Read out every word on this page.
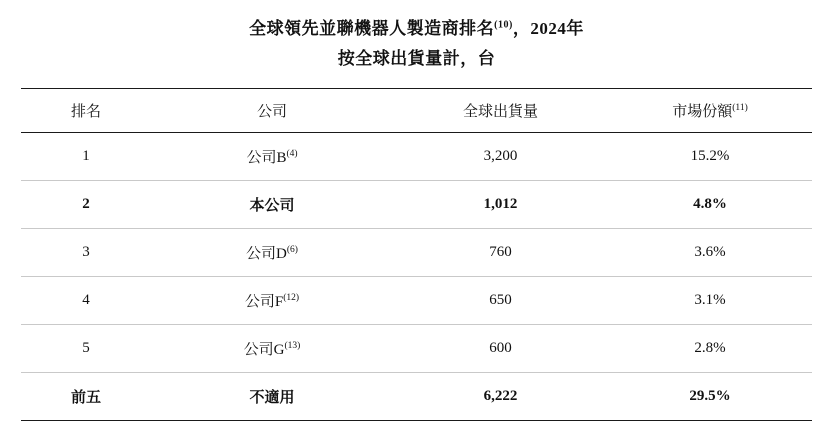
全球領先並聯機器人製造商排名$^{(10)}$，2024年
按全球出貨量計，台
排名	公司	全球出貨量	市場份額$^{(11)}$
1	公司$B^{(4)}$	3,200	15.2%
2	本公司	1,012	4.8%
3	公司$D^{(6)}$	760	3.6%
4	公司$F^{(12)}$	650	3.1%
5	公司$G^{(13)}$	600	2.8%
前五	不適用	6,222	29.5%
